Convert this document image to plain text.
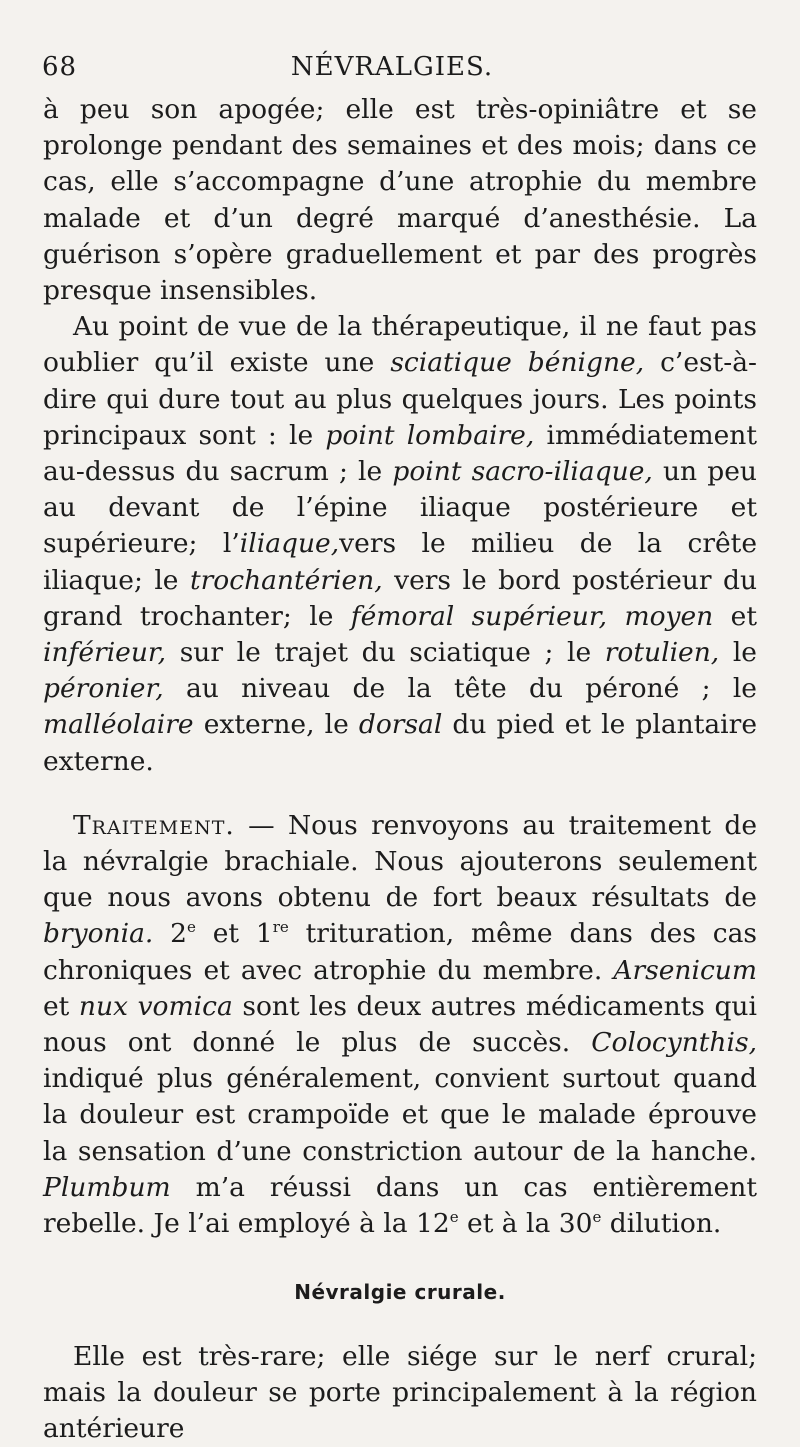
68	NÉVRALGIES.

à peu son apogée; elle est très-opiniâtre et se prolonge pendant des semaines et des mois; dans ce cas, elle s’accompagne d’une atrophie du membre malade et d’un degré marqué d’anesthésie. La guérison s’opère graduellement et par des progrès presque insensibles.

Au point de vue de la thérapeutique, il ne faut pas oublier qu’il existe une sciatique bénigne, c’est-à-dire qui dure tout au plus quelques jours. Les points principaux sont : le point lombaire, immédiatement au-dessus du sacrum ; le point sacro-iliaque, un peu au devant de l’épine iliaque postérieure et supérieure; l’iliaque,vers le milieu de la crête iliaque; le trochantérien, vers le bord postérieur du grand trochanter; le fémoral supérieur, moyen et inférieur, sur le trajet du sciatique ; le rotulien, le péronier, au niveau de la tête du péroné ; le malléolaire externe, le dorsal du pied et le plantaire externe.

Traitement. — Nous renvoyons au traitement de la névralgie brachiale. Nous ajouterons seulement que nous avons obtenu de fort beaux résultats de bryonia. 2e et 1re trituration, même dans des cas chroniques et avec atrophie du membre. Arsenicum et nux vomica sont les deux autres médicaments qui nous ont donné le plus de succès. Colocynthis, indiqué plus généralement, convient surtout quand la douleur est crampoïde et que le malade éprouve la sensation d’une constriction autour de la hanche. Plumbum m’a réussi dans un cas entièrement rebelle. Je l’ai employé à la 12e et à la 30e dilution.

Névralgie crurale.

Elle est très-rare; elle siége sur le nerf crural; mais la douleur se porte principalement à la région antérieure
